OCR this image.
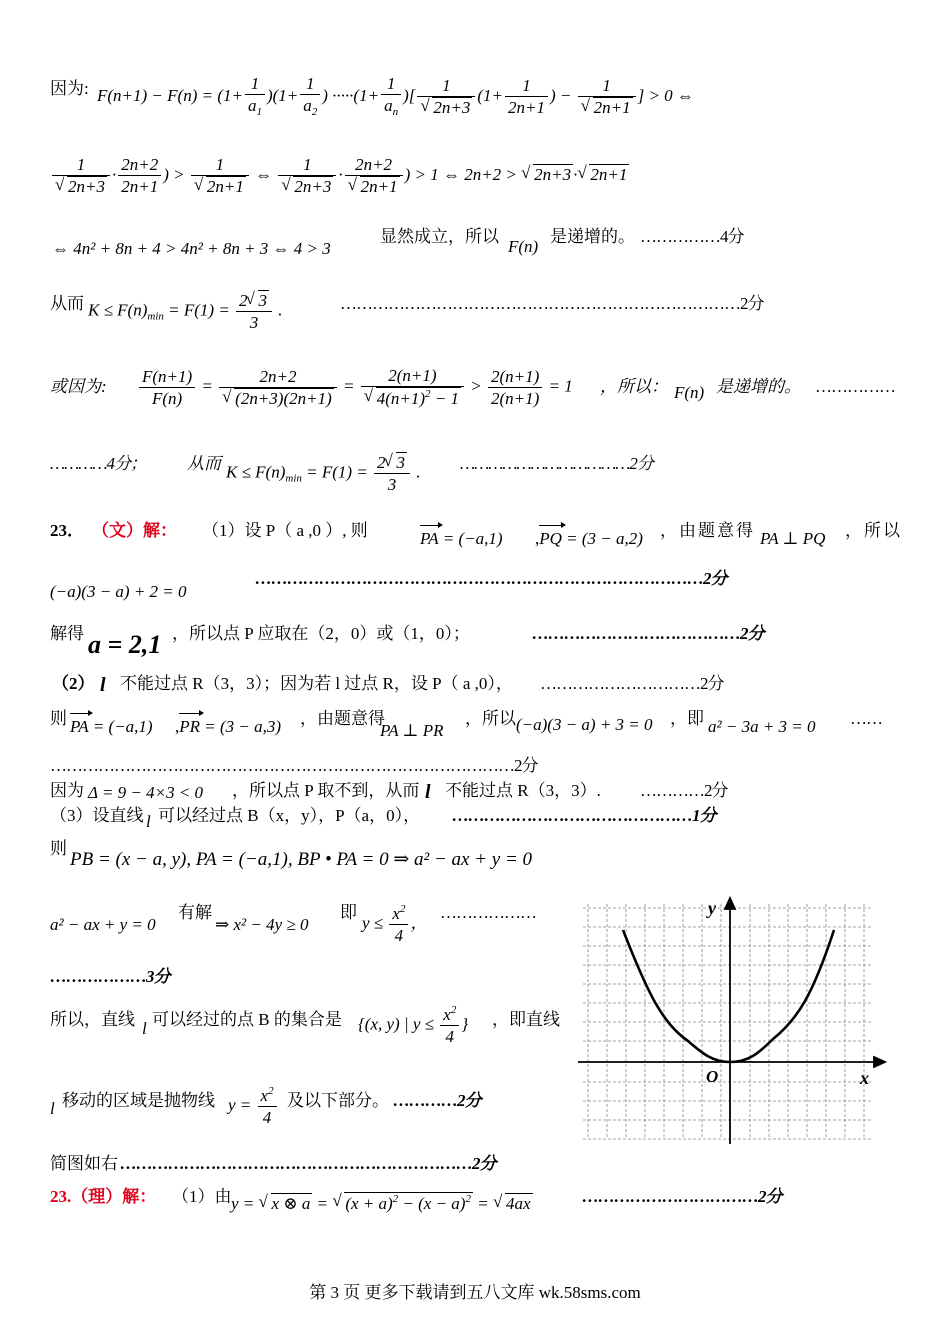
因为: $F(n+1) - F(n) = (1+ \frac{1}{a_1} )(1+ \frac{1}{a_2}$ ) $\cdot\cdot\cdot\cdot\cdot(1+ \frac{1}{a_n}$ )[ 1
√ 2n+3 ($1+ \frac{1}{2n+1}$ ) − 1
√ 2n+1 ] > 0 ⇔
1
√ $2n+3 \cdot \frac{2n+2}{2n+1}$ ) > 1
√ 2n+1 ⇔ 1
√ 2n+3 · 2n+2
√ 2n+1 ) > 1 ⇔ 2n+2 > √ 2n+3 · √ 2n+1
⇔ 4n² + 8n + 4 > 4n² + 8n + 3 ⇔ 4 > 3
显然成立，所以
F(n)
是递增的。 ……………4分
从而 $K \le F(n)_{min} = F(1) = \frac{2 √ 3}{3}$ .	…………………………………………………………………2分
或因为: $\frac{F(n+1)}{F(n)} = 2n+2$
√ (2n+3)(2n+1) = 2(n+1)
√ $4(n+1)^2 - 1 > \frac{2(n+1)}{2(n+1)} = 1$ ，所以： F(n) 是递增的。 ……………
…………4分； 从而 $K \le F(n)_{min} = F(1) = \frac{2 √ 3}{3}$ . ………………………………2分
23． （文）解： （1）设 P（ a ,0 ）, 则	PA = (−a,1) ,PQ = (3 − a,2) ，由题意得 PA ⊥ PQ ，所以
(−a)(3 − a) + 2 = 0
…………………………………………………………………………2分
解得 a = 2,1 ，所以点 P 应取在（2，0）或（1，0）；	…………………………………2分
（2） l 不能过点 R（3，3）；因为若 l 过点 R，设 P（ a ,0）， …………………………2分
则 PA = (−a,1) ,PR = (3 − a,3) ，由题意得
PA ⊥ PR
，所以 (−a)(3 − a) + 3 = 0 ，即 a² − 3a + 3 = 0 ……
……………………………………………………………………………2分
因为 Δ = 9 − 4×3 < 0 ，所以点 P 取不到，从而 l 不能过点 R（3，3）. …………2分
（3）设直线 l 可以经过点 B（x，y），P（a，0）， ………………………………………1分
则
PB = (x − a, y), PA = (−a,1), BP • PA = 0 ⇒ a² − ax + y = 0
a² − ax + y = 0
有解
⇒ x² − 4y ≥ 0
即
$y \le \frac{x^2}{4}$ ，
………………
………………3分
所以，直线 l 可以经过的点 B 的集合是 {(x, y) | $y \le \frac{x^2}{4}$ } ，即直线
l 移动的区域是抛物线 $y = \frac{x^2}{4}$ 及以下部分。 …………2分
简图如右 …………………………………………………………2分
23.（理）解： （1）由 y = √ x ⊗ a = √ $(x + a)^2 - (x - a)^2$ = √ 4ax	……………………………2分
y
x
O
第 3 页 更多下载请到五八文库 wk.58sms.com
